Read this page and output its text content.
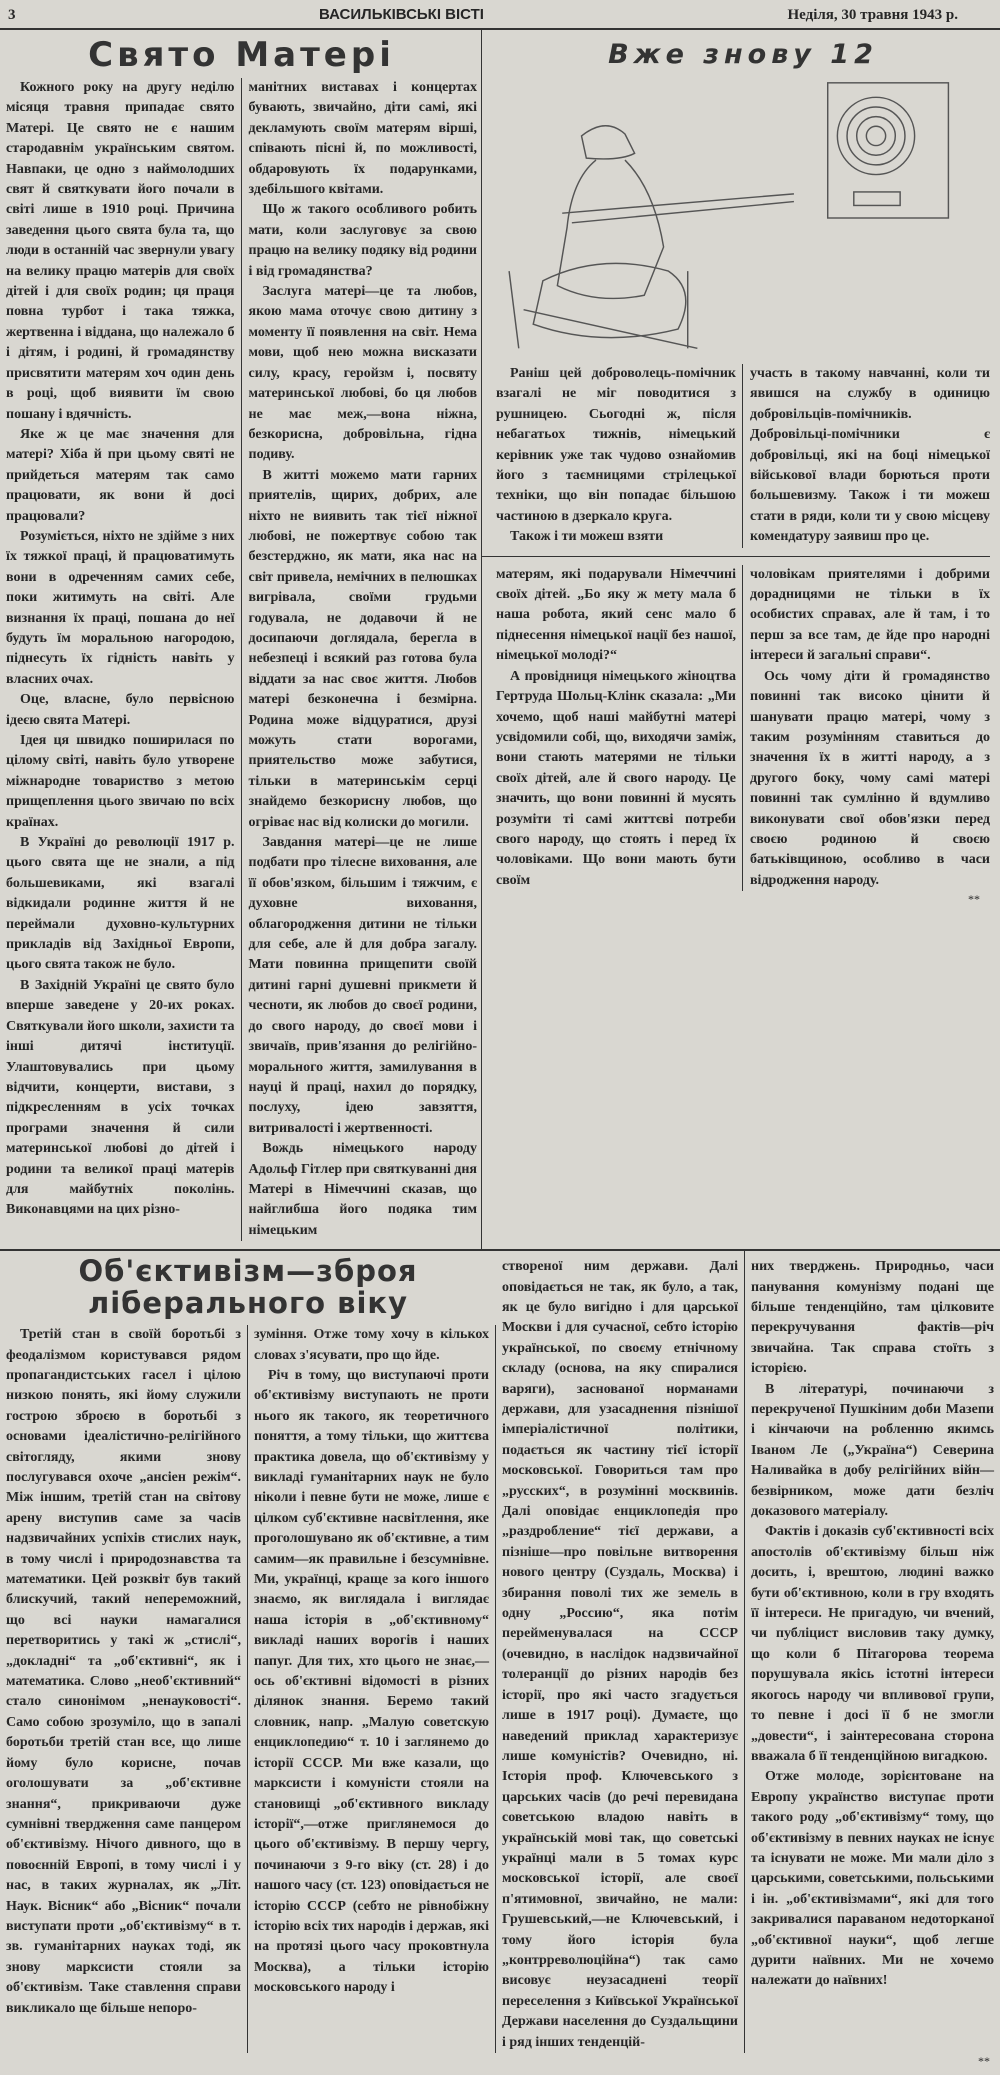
3	ВАСИЛЬКІВСЬКІ ВІСТІ	Неділя, 30 травня 1943 р.
Свято Матері

Кожного року на другу неділю місяця травня припадає свято Матері. Це свято не є нашим стародавнім українським святом. Навпаки, це одно з наймолодших свят й святкувати його почали в світі лише в 1910 році. Причина заведення цього свята була та, що люди в останній час звернули увагу на велику працю матерів для своїх дітей і для своїх родин; ця праця повна турбот і така тяжка, жертвенна і віддана, що належало б і дітям, і родині, й громадянству присвятити матерям хоч один день в році, щоб виявити їм свою пошану і вдячність.

Яке ж це має значення для матері? Хіба й при цьому святі не прийдеться матерям так само працювати, як вони й досі працювали?

Розуміється, ніхто не здійме з них їх тяжкої праці, й працюватимуть вони в одреченням самих себе, поки житимуть на світі. Але визнання їх праці, пошана до неї будуть їм моральною нагородою, піднесуть їх гідність навіть у власних очах.

Оце, власне, було первісною ідеєю свята Матері.

Ідея ця швидко поширилася по цілому світі, навіть було утворене міжнародне товариство з метою прищеплення цього звичаю по всіх країнах.

В Україні до революції 1917 р. цього свята ще не знали, а під большевиками, які взагалі відкидали родинне життя й не переймали духовно-культурних прикладів від Західньої Европи, цього свята також не було.

В Західній Україні це свято було вперше заведене у 20-их роках. Святкували його школи, захисти та інші дитячі інституції. Улаштовувались при цьому відчити, концерти, вистави, з підкресленням в усіх точках програми значення й сили материнської любові до дітей і родини та великої праці матерів для майбутніх поколінь. Виконавцями на цих різно-

манітних виставах і концертах бувають, звичайно, діти самі, які декламують своїм матерям вірші, співають пісні й, по можливості, обдаровують їх подарунками, здебільшого квітами.

Що ж такого особливого робить мати, коли заслуговує за свою працю на велику подяку від родини і від громадянства?

Заслуга матері—це та любов, якою мама оточує свою дитину з моменту її появлення на світ. Нема мови, щоб нею можна висказати силу, красу, геройзм і, посвяту материнської любові, бо ця любов не має меж,—вона ніжна, безкорисна, добровільна, гідна подиву.

В житті можемо мати гарних приятелів, щирих, добрих, але ніхто не виявить так тієї ніжної любові, не пожертвує собою так безстерджно, як мати, яка нас на світ привела, немічних в пелюшках вигрівала, своїми грудьми годувала, не додавочи й не досипаючи доглядала, берегла в небезпеці і всякий раз готова була віддати за нас своє життя. Любов матері безконечна і безмірна. Родина може відцуратися, друзі можуть стати ворогами, приятельство може забутися, тільки в материнськім серці знайдемо безкорисну любов, що огріває нас від колиски до могили.

Завдання матері—це не лише подбати про тілесне виховання, але її обов'язком, більшим і тяжчим, є духовне виховання, облагородження дитини не тільки для себе, але й для добра загалу. Мати повинна прищепити своїй дитині гарні душевні прикмети й чесноти, як любов до своєї родини, до свого народу, до своєї мови і звичаїв, прив'язання до релігійно-морального життя, замилування в науці й праці, нахил до порядку, послуху, ідею завзяття, витривалості і жертвенності.

Вождь німецького народу Адольф Гітлер при святкуванні дня Матері в Німеччині сказав, що найглибша його подяка тим німецьким

Вже знову 12

Раніш цей доброволець-помічник взагалі не міг поводитися з рушницею. Сьогодні ж, після небагатьох тижнів, німецький керівник уже так чудово ознайомив його з таємницями стрілецької техніки, що він попадає більшою частиною в дзеркало круга.

Також і ти можеш взяти

участь в такому навчанні, коли ти явишся на службу в одиницю добровільців-помічників. Добровільці-помічники є добровільці, які на боці німецької військової влади борються проти большевизму. Також і ти можеш стати в ряди, коли ти у свою місцеву комендатуру заявиш про це.

матерям, які подарували Німеччині своїх дітей. „Бо яку ж мету мала б наша робота, який сенс мало б піднесення німецької нації без нашої, німецької молоді?“

А провідниця німецького жіноцтва Гертруда Шольц-Клінк сказала: „Ми хочемо, щоб наші майбутні матері усвідомили собі, що, виходячи заміж, вони стають матерями не тільки своїх дітей, але й свого народу. Це значить, що вони повинні й мусять розуміти ті самі життєві потреби свого народу, що стоять і перед їх чоловіками. Що вони мають бути своїм

чоловікам приятелями і добрими дорадницями не тільки в їх особистих справах, але й там, і то перш за все там, де йде про народні інтереси й загальні справи“.

Ось чому діти й громадянство повинні так високо цінити й шанувати працю матері, чому з таким розумінням ставиться до значення їх в житті народу, а з другого боку, чому самі матері повинні так сумлінно й вдумливо виконувати свої обов'язки перед своєю родиною й своєю батьківщиною, особливо в часи відродження народу.

**
Об'єктивізм—зброя
ліберального віку

Третій стан в своїй боротьбі з феодалізмом користувався рядом пропагандистських гасел і цілою низкою понять, які йому служили гострою зброєю в боротьбі з основами ідеалістично-релігійного світогляду, якими знову послугувався охоче „ансіен режім“. Між іншим, третій стан на світову арену виступив саме за часів надзвичайних успіхів стислих наук, в тому числі і природознавства та математики. Цей розквіт був такий блискучий, такий непереможний, що всі науки намагалися перетворитись у такі ж „стислі“, „докладні“ та „об'єктивні“, як і математика. Слово „необ'єктивний“ стало синонімом „ненауковості“. Само собою зрозуміло, що в запалі боротьби третій стан все, що лише йому було корисне, почав оголошувати за „об'єктивне знання“, прикриваючи дуже сумнівні твердження саме панцером об'єктивізму. Нічого дивного, що в повоєнній Европі, в тому числі і у нас, в таких журналах, як „Літ. Наук. Вісник“ або „Вісник“ почали виступати проти „об'єктивізму“ в т. зв. гуманітарних науках тоді, як знову марксисти стояли за об'єктивізм. Таке ставлення справи викликало ще більше непоро-

зуміння. Отже тому хочу в кількох словах з'ясувати, про що йде.

Річ в тому, що виступаючі проти об'єктивізму виступають не проти нього як такого, як теоретичного поняття, а тому тільки, що життєва практика довела, що об'єктивізму у викладі гуманітарних наук не було ніколи і певне бути не може, лише є цілком суб'єктивне насвітлення, яке проголошувано як об'єктивне, а тим самим—як правильне і безсумнівне. Ми, українці, краще за кого іншого знаємо, як виглядала і виглядає наша історія в „об'єктивному“ викладі наших ворогів і наших папуг. Для тих, хто цього не знає,—ось об'єктивні відомості в різних ділянок знання. Беремо такий словник, напр. „Малую советскую енциклопедию“ т. 10 і заглянемо до історії СССР. Ми вже казали, що марксисти і комуністи стояли на становищі „об'єктивного викладу історії“,—отже приглянемося до цього об'єктивізму. В першу чергу, починаючи з 9-го віку (ст. 28) і до нашого часу (ст. 123) оповідається не історію СССР (себто не рівнобіжну історію всіх тих народів і держав, які на протязі цього часу проковтнула Москва), а тільки історію московського народу і

створеної ним держави. Далі оповідається не так, як було, а так, як це було вигідно і для царської Москви і для сучасної, себто історію української, по своєму етнічному складу (основа, на яку спиралися варяги), заснованої норманами держави, для узасаднення пізнішої імперіалістичної політики, подається як частину тієї історії московської. Говориться там про „русских“, в розумінні москвинів. Далі оповідає енциклопедія про „раздробление“ тієї держави, а пізніше—про повільне витворення нового центру (Суздаль, Москва) і збирання поволі тих же земель в одну „Россию“, яка потім перейменувалася на СССР (очевидно, в наслідок надзвичайної толеранції до різних народів без історії, про які часто згадується лише в 1917 році). Думаєте, що наведений приклад характеризує лише комуністів? Очевидно, ні. Історія проф. Ключевського з царських часів (до речі перевидана советською владою навіть в українській мові так, що советські українці мали в 5 томах курс московської історії, але своєї п'ятимовної, звичайно, не мали: Грушевський,—не Ключевський, і тому його історія була „контрреволюційна“) так само висовує неузасаднені теорії переселення з Київської Української Держави населення до Суздальщини і ряд інших тенденцій-

них тверджень. Природньо, часи панування комунізму подані ще більше тенденційно, там цілковите перекручування фактів—річ звичайна. Так справа стоїть з історією.

В літературі, починаючи з перекрученої Пушкіним доби Мазепи і кінчаючи на робленню якимсь Іваном Ле („Україна“) Северина Наливайка в добу релігійних війн—безвірником, може дати безліч доказового матеріалу.

Фактів і доказів суб'єктивності всіх апостолів об'єктивізму більш ніж досить, і, врештою, людині важко бути об'єктивною, коли в гру входять її інтереси. Не пригадую, чи вчений, чи публіцист висловив таку думку, що коли б Пітагорова теорема порушувала якісь істотні інтереси якогось народу чи впливової групи, то певне і досі її б не змогли „довести“, і заінтересована сторона вважала б її тенденційною вигадкою.

Отже молоде, зорієнтоване на Европу українство виступає проти такого роду „об'єктивізму“ тому, що об'єктивізму в певних науках не існує та існувати не може. Ми мали діло з царськими, советськими, польськими і ін. „об'єктивізмами“, які для того закривалися параваном недоторканої „об'єктивної науки“, щоб легше дурити наївних. Ми не хочемо належати до наївних!

**
